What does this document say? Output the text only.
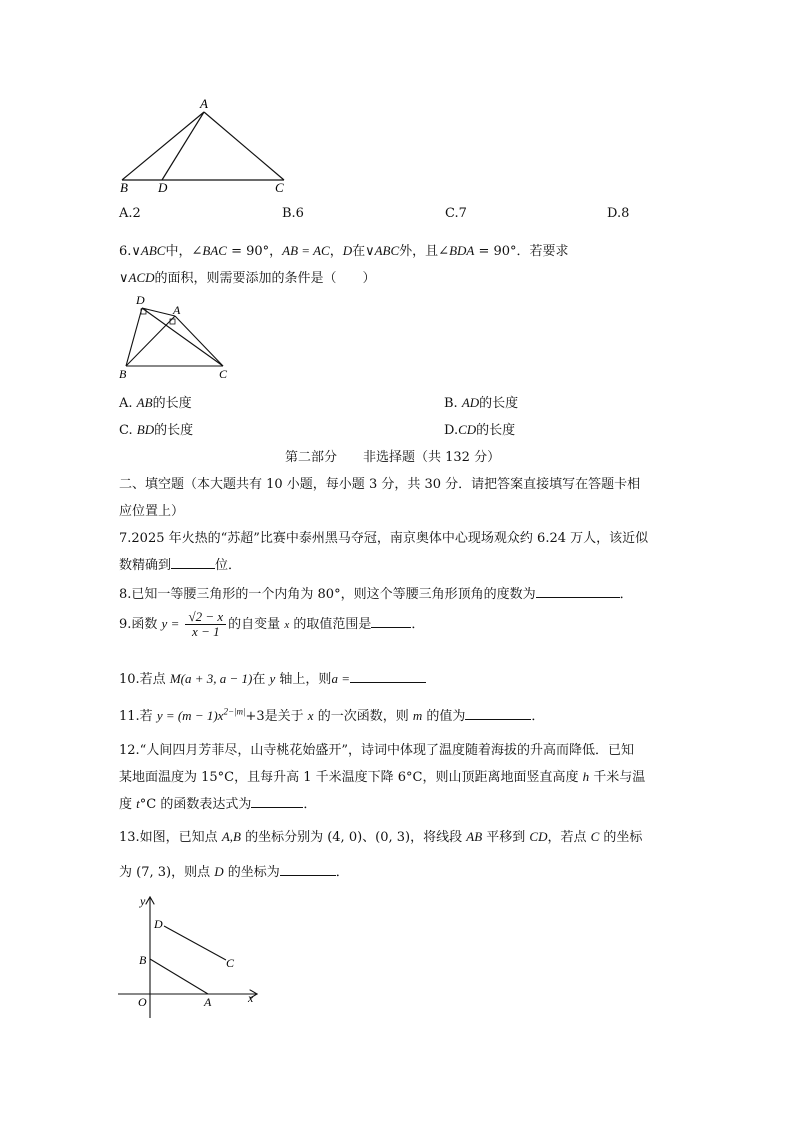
A
B D	C
A.2	B.6	C.7	D.8
6.∨ABC中，∠BAC = 90°，AB = AC，D在∨ABC外，且∠BDA = 90°．若要求
∨ACD的面积，则需要添加的条件是（　　）
D
A
B	C
A. AB的长度	B. AD的长度
C. BD的长度	D.CD的长度
第二部分　　非选择题（共 132 分）
二、填空题（本大题共有 10 小题，每小题 3 分，共 30 分．请把答案直接填写在答题卡相
应位置上）
7.2025 年火热的“苏超”比赛中泰州黑马夺冠，南京奥体中心现场观众约 6.24 万人，该近似
数精确到	位．
8.已知一等腰三角形的一个内角为 80°，则这个等腰三角形顶角的度数为	．
9.函数 $y = \frac{√2 - x}{x - 1}$ 的自变量 x 的取值范围是	．
10.若点 M(a + 3, a − 1)在 y 轴上，则a =
11.若 $y = (m - 1)x^{2-|m|}+3$是关于 x 的一次函数，则 m 的值为	．
12.“人间四月芳菲尽，山寺桃花始盛开”，诗词中体现了温度随着海拔的升高而降低．已知
某地面温度为 15°C，且每升高 1 千米温度下降 6°C，则山顶距离地面竖直高度 h 千米与温
度 t°C 的函数表达式为	．
13.如图，已知点 A,B 的坐标分别为 (4, 0)、(0, 3)，将线段 AB 平移到 CD，若点 C 的坐标
为 (7, 3)，则点 D 的坐标为	．
y
x
O	A
B	C
D
